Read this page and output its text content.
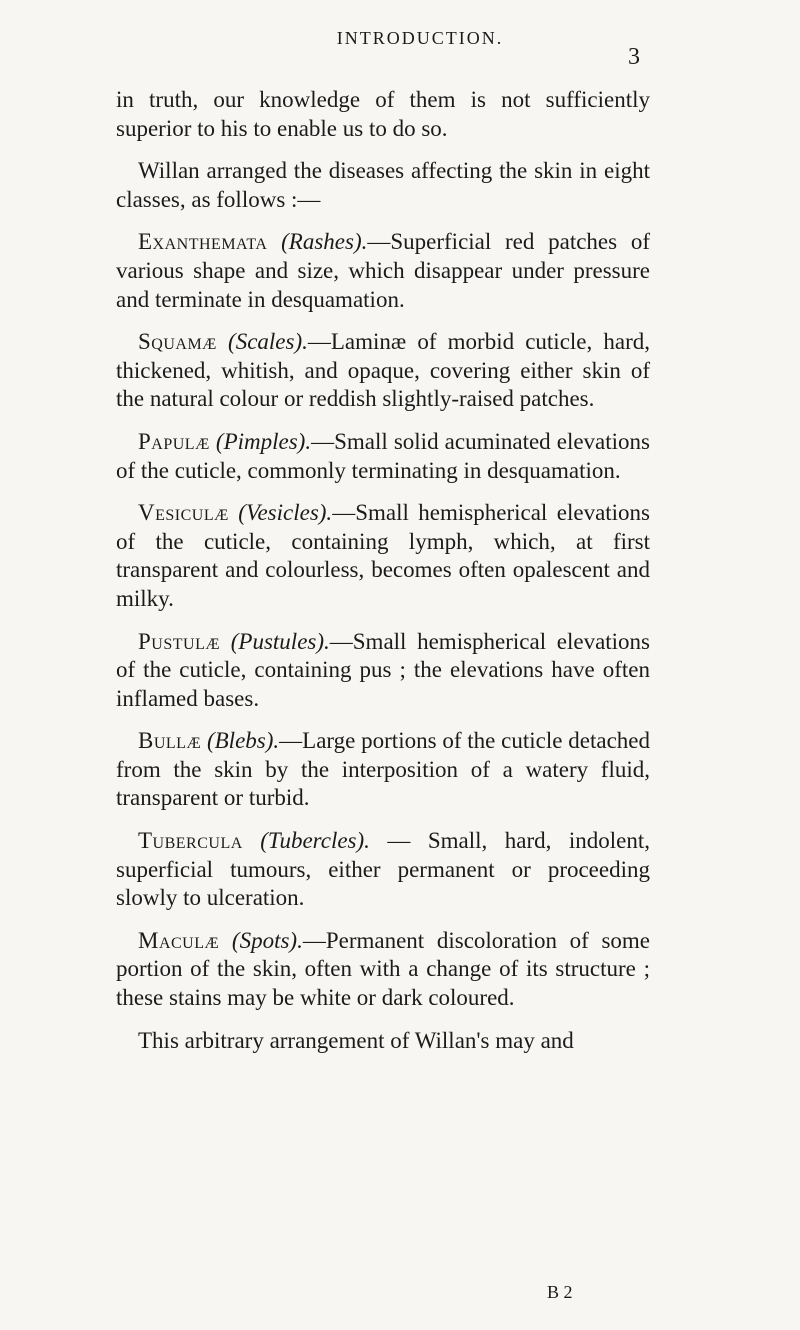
INTRODUCTION.
3

in truth, our knowledge of them is not sufficiently superior to his to enable us to do so.

Willan arranged the diseases affecting the skin in eight classes, as follows :—

Exanthemata (Rashes).—Superficial red patches of various shape and size, which disappear under pressure and terminate in desquamation.

Squamæ (Scales).—Laminæ of morbid cuticle, hard, thickened, whitish, and opaque, covering either skin of the natural colour or reddish slightly-raised patches.

Papulæ (Pimples).—Small solid acuminated elevations of the cuticle, commonly terminating in desquamation.

Vesiculæ (Vesicles).—Small hemispherical elevations of the cuticle, containing lymph, which, at first transparent and colourless, becomes often opalescent and milky.

Pustulæ (Pustules).—Small hemispherical elevations of the cuticle, containing pus ; the elevations have often inflamed bases.

Bullæ (Blebs).—Large portions of the cuticle detached from the skin by the interposition of a watery fluid, transparent or turbid.

Tubercula (Tubercles). — Small, hard, indolent, superficial tumours, either permanent or proceeding slowly to ulceration.

Maculæ (Spots).—Permanent discoloration of some portion of the skin, often with a change of its structure ; these stains may be white or dark coloured.

This arbitrary arrangement of Willan's may and

B 2
